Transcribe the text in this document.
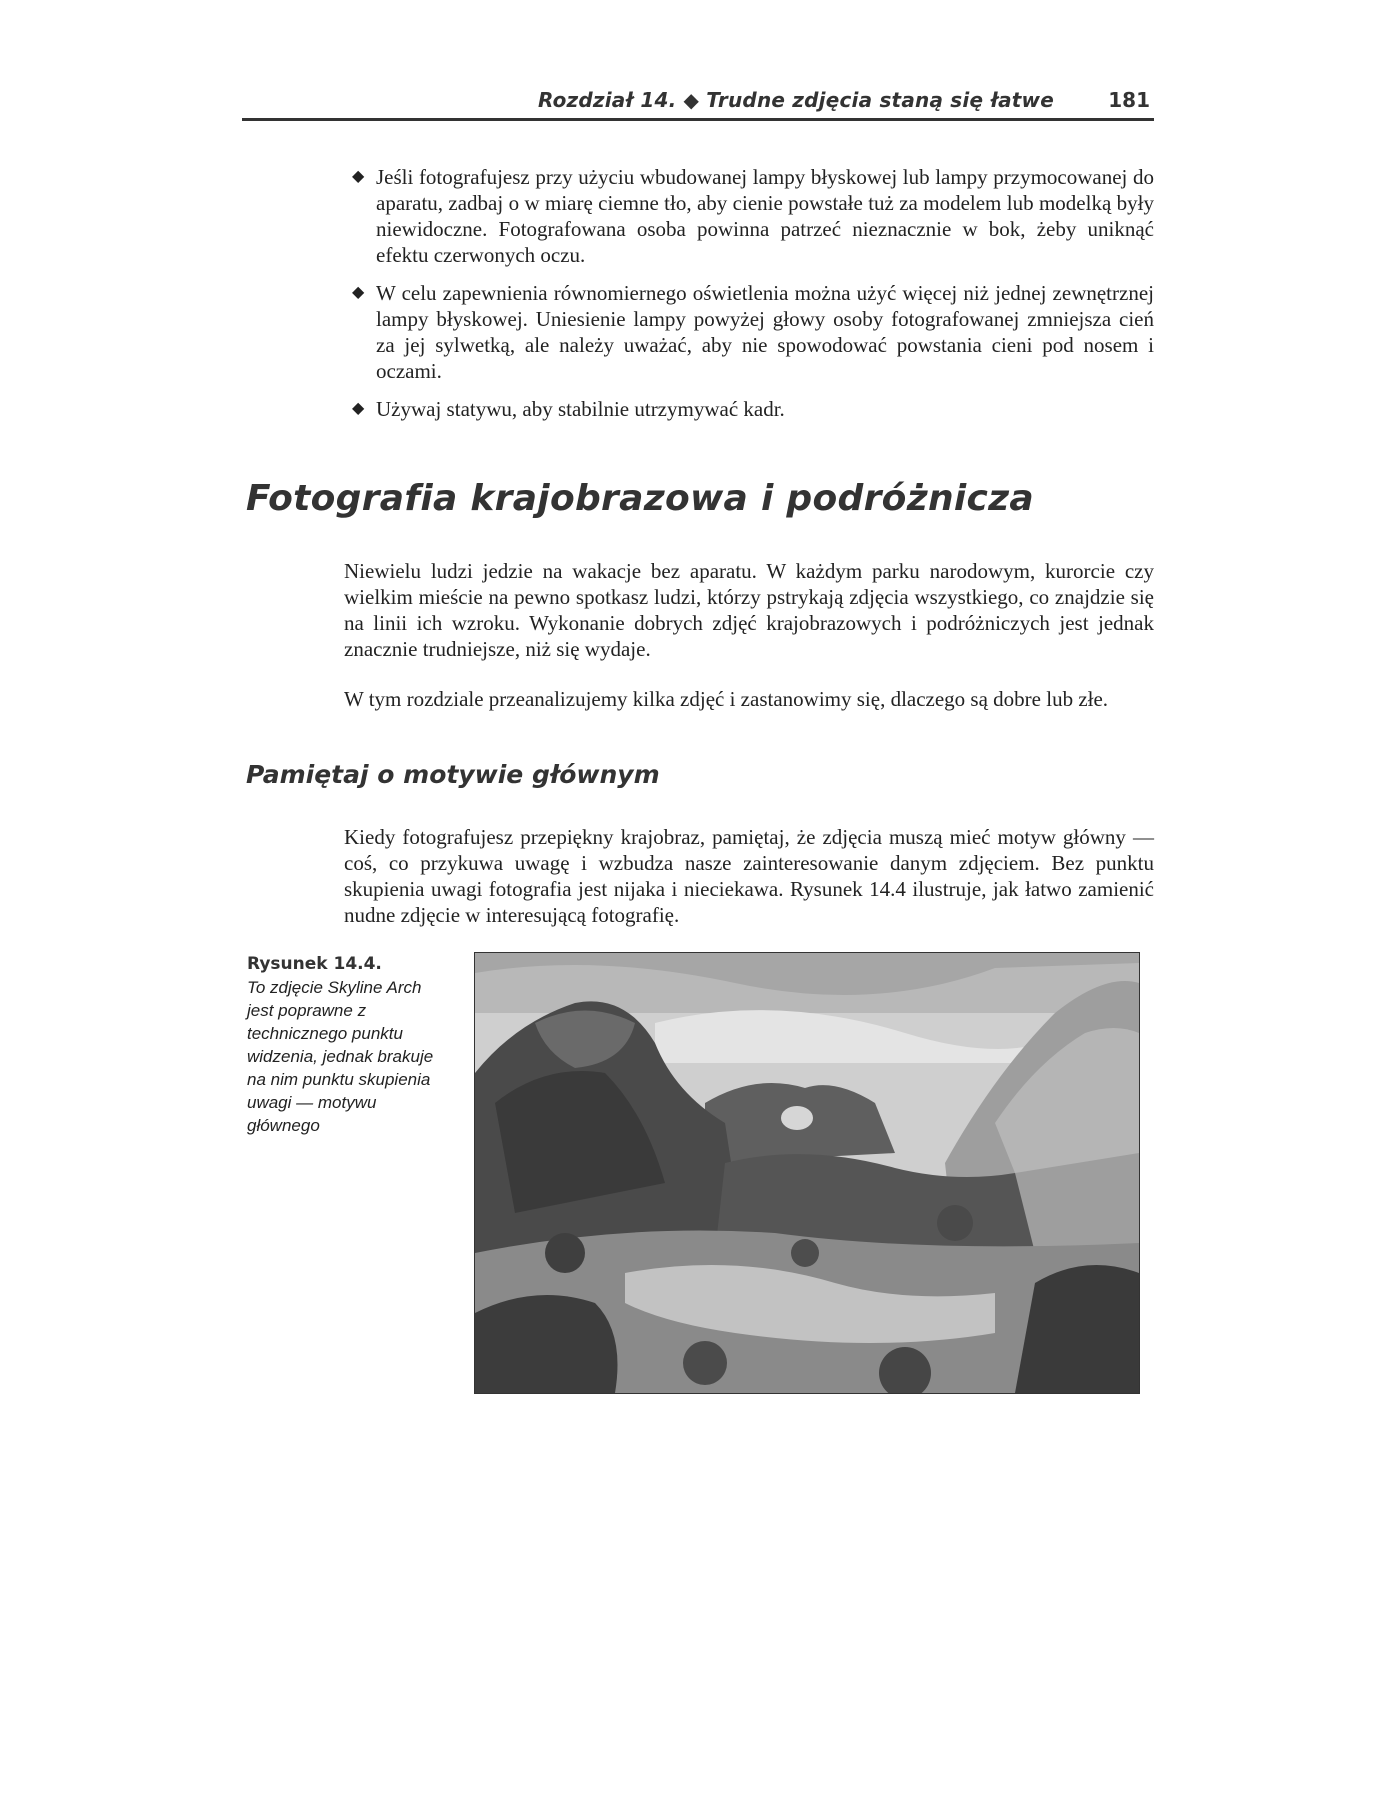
Rozdział 14. ◆ Trudne zdjęcia staną się łatwe	181
◆ Jeśli fotografujesz przy użyciu wbudowanej lampy błyskowej lub lampy przymocowanej do aparatu, zadbaj o w miarę ciemne tło, aby cienie powstałe tuż za modelem lub modelką były niewidoczne. Fotografowana osoba powinna patrzeć nieznacznie w bok, żeby uniknąć efektu czerwonych oczu.
◆ W celu zapewnienia równomiernego oświetlenia można użyć więcej niż jednej zewnętrznej lampy błyskowej. Uniesienie lampy powyżej głowy osoby fotografowanej zmniejsza cień za jej sylwetką, ale należy uważać, aby nie spowodować powstania cieni pod nosem i oczami.
◆ Używaj statywu, aby stabilnie utrzymywać kadr.
Fotografia krajobrazowa i podróżnicza

Niewielu ludzi jedzie na wakacje bez aparatu. W każdym parku narodowym, kurorcie czy wielkim mieście na pewno spotkasz ludzi, którzy pstrykają zdjęcia wszystkiego, co znajdzie się na linii ich wzroku. Wykonanie dobrych zdjęć krajobrazowych i podróżniczych jest jednak znacznie trudniejsze, niż się wydaje.

W tym rozdziale przeanalizujemy kilka zdjęć i zastanowimy się, dlaczego są dobre lub złe.

Pamiętaj o motywie głównym

Kiedy fotografujesz przepiękny krajobraz, pamiętaj, że zdjęcia muszą mieć motyw główny — coś, co przykuwa uwagę i wzbudza nasze zainteresowanie danym zdjęciem. Bez punktu skupienia uwagi fotografia jest nijaka i nieciekawa. Rysunek 14.4 ilustruje, jak łatwo zamienić nudne zdjęcie w interesującą fotografię.

Rysunek 14.4.
To zdjęcie Skyline Arch jest poprawne z technicznego punktu widzenia, jednak brakuje na nim punktu skupienia uwagi — motywu głównego
